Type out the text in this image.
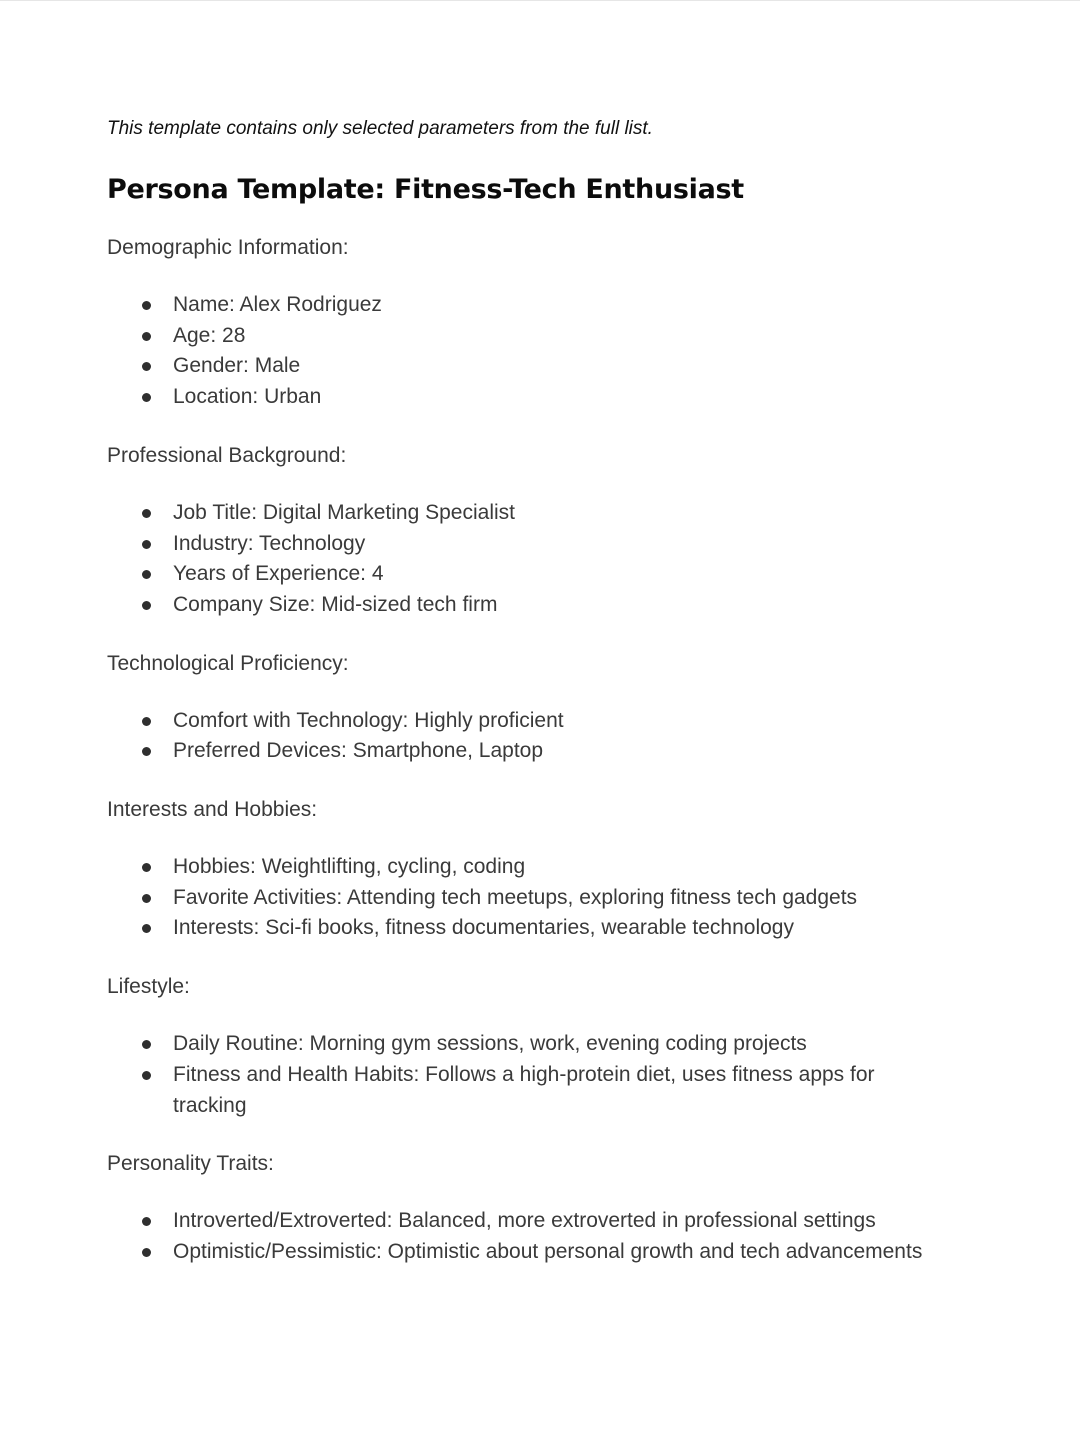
This template contains only selected parameters from the full list.

Persona Template: Fitness-Tech Enthusiast

Demographic Information:

Name: Alex Rodriguez
Age: 28
Gender: Male
Location: Urban

Professional Background:

Job Title: Digital Marketing Specialist
Industry: Technology
Years of Experience: 4
Company Size: Mid-sized tech firm

Technological Proficiency:

Comfort with Technology: Highly proficient
Preferred Devices: Smartphone, Laptop

Interests and Hobbies:

Hobbies: Weightlifting, cycling, coding
Favorite Activities: Attending tech meetups, exploring fitness tech gadgets
Interests: Sci-fi books, fitness documentaries, wearable technology

Lifestyle:

Daily Routine: Morning gym sessions, work, evening coding projects
Fitness and Health Habits: Follows a high-protein diet, uses fitness apps for tracking

Personality Traits:

Introverted/Extroverted: Balanced, more extroverted in professional settings
Optimistic/Pessimistic: Optimistic about personal growth and tech advancements
